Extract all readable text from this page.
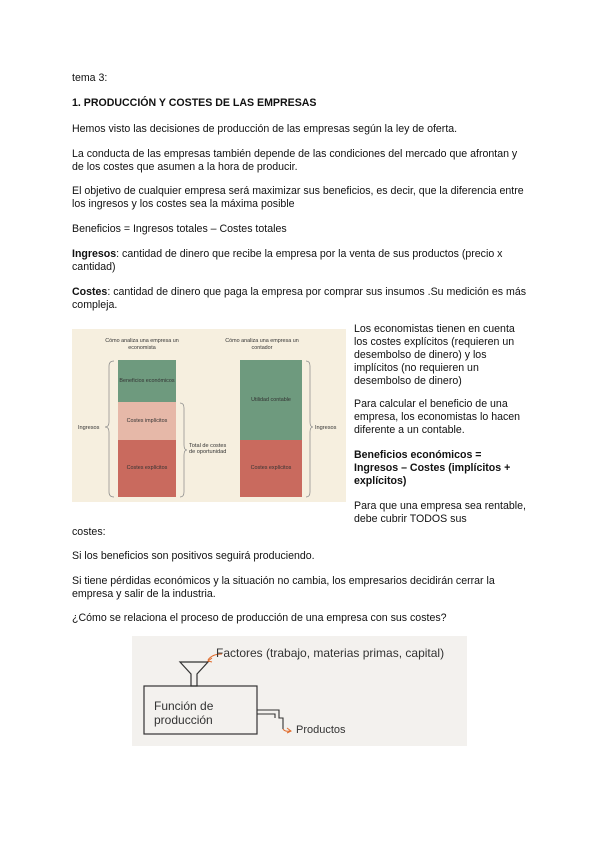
tema 3:

1. PRODUCCIÓN Y COSTES DE LAS EMPRESAS

Hemos visto las decisiones de producción de las empresas según la ley de oferta.

La conducta de las empresas también depende de las condiciones del mercado que afrontan y de los costes que asumen a la hora de producir.

El objetivo de cualquier empresa será maximizar sus beneficios, es decir, que la diferencia entre los ingresos y los costes sea la máxima posible

Beneficios = Ingresos totales – Costes totales

Ingresos: cantidad de dinero que recibe la empresa por la venta de sus productos (precio x cantidad)

Costes: cantidad de dinero que paga la empresa por comprar sus insumos .Su medición es más compleja.

Cómo analiza una empresa un economista
Cómo analiza una empresa un contador
Beneficios económicos
Costes implícitos
Costes explícitos
Utilidad contable
Costes explícitos
Ingresos
Total de costes de oportunidad
Ingresos

Los economistas tienen en cuenta los costes explícitos (requieren un desembolso de dinero) y los implícitos (no requieren un desembolso de dinero)

Para calcular el beneficio de una empresa, los economistas lo hacen diferente a un contable.

Beneficios económicos = Ingresos – Costes (implícitos + explícitos)

Para que una empresa sea rentable, debe cubrir TODOS sus

costes:

Si los beneficios son positivos seguirá produciendo.

Si tiene pérdidas económicos y la situación no cambia, los empresarios decidirán cerrar la empresa y salir de la industria.

¿Cómo se relaciona el proceso de producción de una empresa con sus costes?

Factores (trabajo, materias primas, capital)
Función de producción
Productos
